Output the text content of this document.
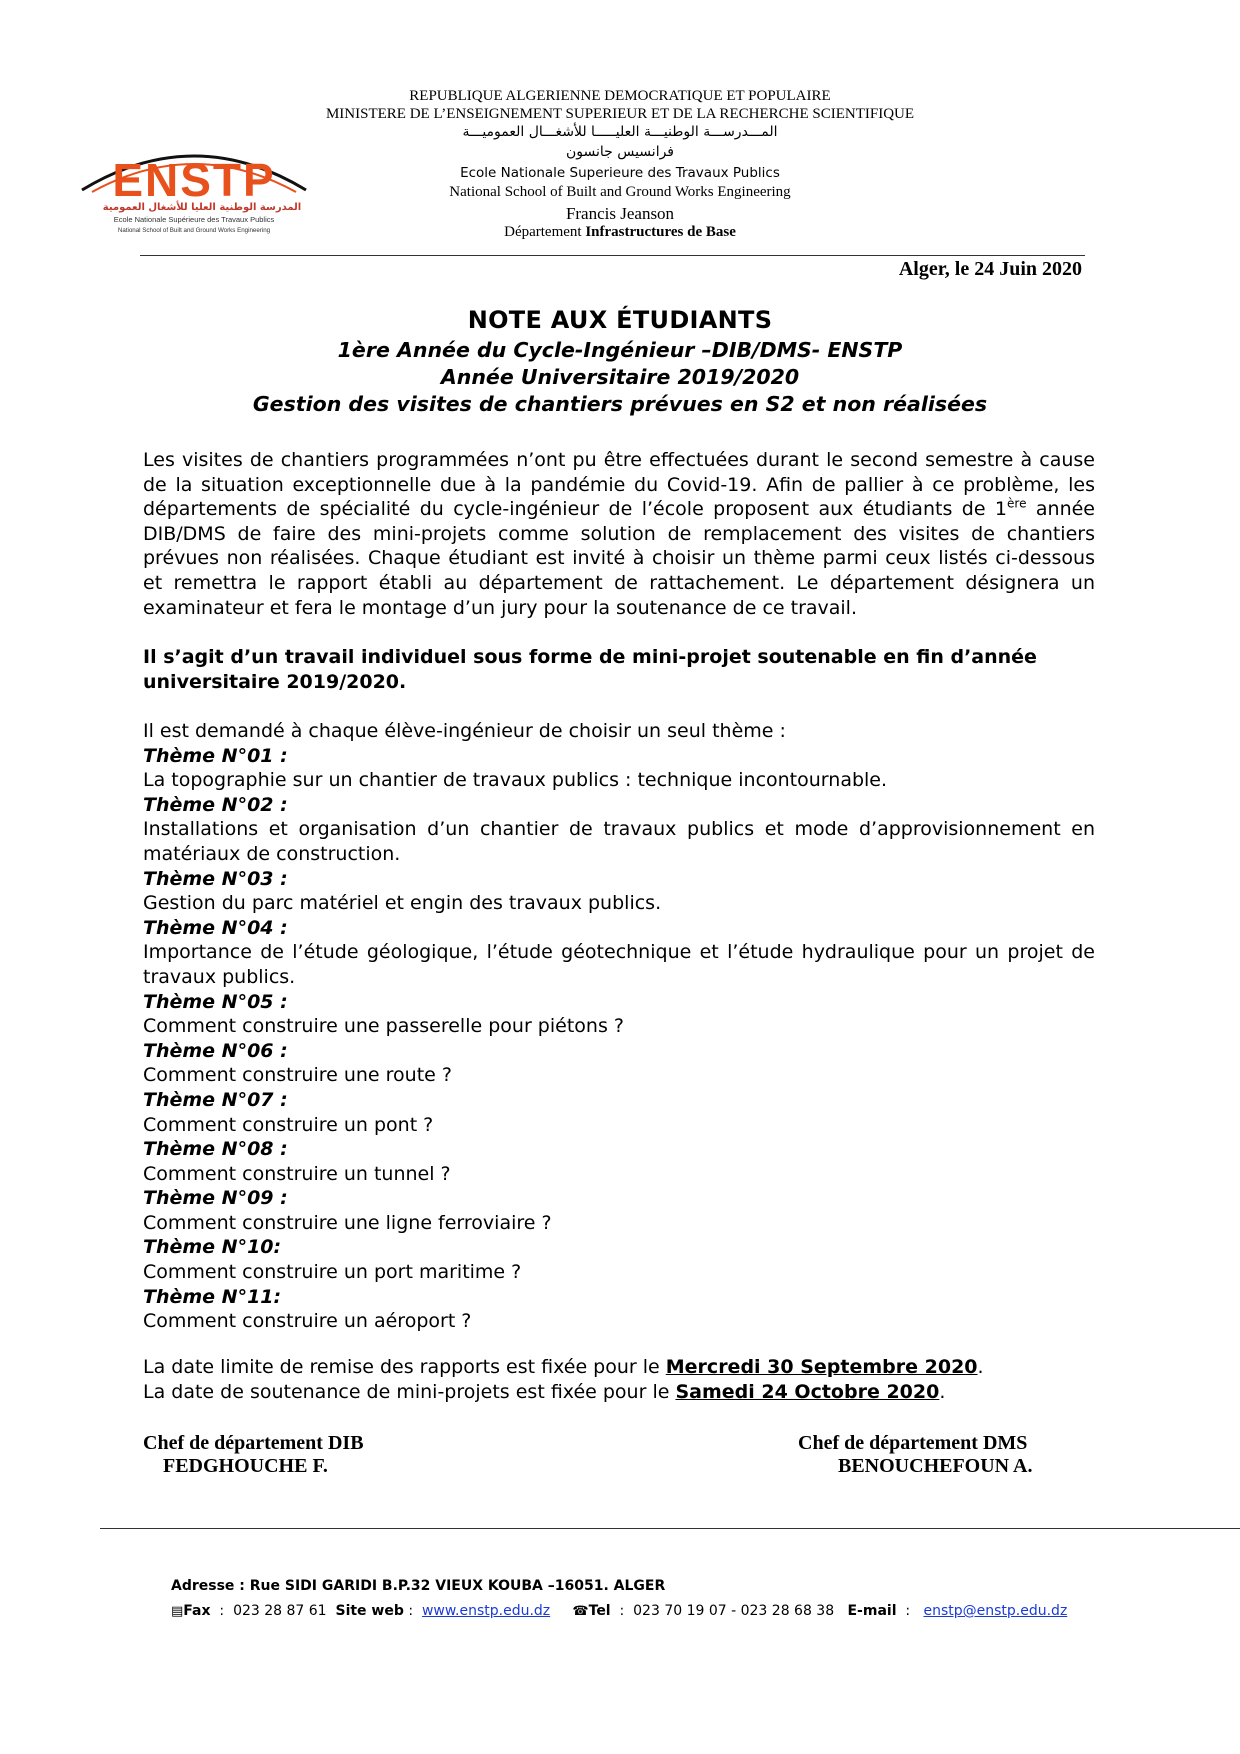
ENSTP
المدرسة الوطنية العليا للأشغال العمومية
Ecole Nationale Supérieure des Travaux Publics
National School of Built and Ground Works Engineering
REPUBLIQUE ALGERIENNE DEMOCRATIQUE ET POPULAIRE
MINISTERE DE L’ENSEIGNEMENT SUPERIEUR ET DE LA RECHERCHE SCIENTIFIQUE
المـــدرســـة الوطنيـــة العليـــــا للأشغـــال العموميـــة
فرانسيس جانسون
Ecole Nationale Superieure des Travaux Publics
National School of Built and Ground Works Engineering
Francis Jeanson
Département Infrastructures de Base
Alger, le 24 Juin 2020
NOTE AUX ÉTUDIANTS
1ère Année du Cycle-Ingénieur –DIB/DMS- ENSTP
Année Universitaire 2019/2020
Gestion des visites de chantiers prévues en S2 et non réalisées
Les visites de chantiers programmées n’ont pu être effectuées durant le second semestre à cause de la situation exceptionnelle due à la pandémie du Covid-19. Afin de pallier à ce problème, les départements de spécialité du cycle-ingénieur de l’école proposent aux étudiants de 1ère année DIB/DMS de faire des mini-projets comme solution de remplacement des visites de chantiers prévues non réalisées. Chaque étudiant est invité à choisir un thème parmi ceux listés ci-dessous et remettra le rapport établi au département de rattachement. Le département désignera un examinateur et fera le montage d’un jury pour la soutenance de ce travail.
Il s’agit d’un travail individuel sous forme de mini-projet soutenable en fin d’année universitaire 2019/2020.
Il est demandé à chaque élève-ingénieur de choisir un seul thème :
Thème N°01 :
La topographie sur un chantier de travaux publics : technique incontournable.
Thème N°02 :
Installations et organisation d’un chantier de travaux publics et mode d’approvisionnement en matériaux de construction.
Thème N°03 :
Gestion du parc matériel et engin des travaux publics.
Thème N°04 :
Importance de l’étude géologique, l’étude géotechnique et l’étude hydraulique pour un projet de travaux publics.
Thème N°05 :
Comment construire une passerelle pour piétons ?
Thème N°06 :
Comment construire une route ?
Thème N°07 :
Comment construire un pont ?
Thème N°08 :
Comment construire un tunnel ?
Thème N°09 :
Comment construire une ligne ferroviaire ?
Thème N°10:
Comment construire un port maritime ?
Thème N°11:
Comment construire un aéroport ?
La date limite de remise des rapports est fixée pour le Mercredi 30 Septembre 2020.
La date de soutenance de mini-projets est fixée pour le Samedi 24 Octobre 2020.
Chef de département DIB
FEDGHOUCHE F.
Chef de département DMS
BENOUCHEFOUN A.
Adresse : Rue SIDI GARIDI B.P.32 VIEUX KOUBA –16051. ALGER
▤Fax  :  023 28 87 61 Site web :  www.enstp.edu.dz ☎Tel  :  023 70 19 07 - 023 28 68 38 E-mail  :   enstp@enstp.edu.dz
